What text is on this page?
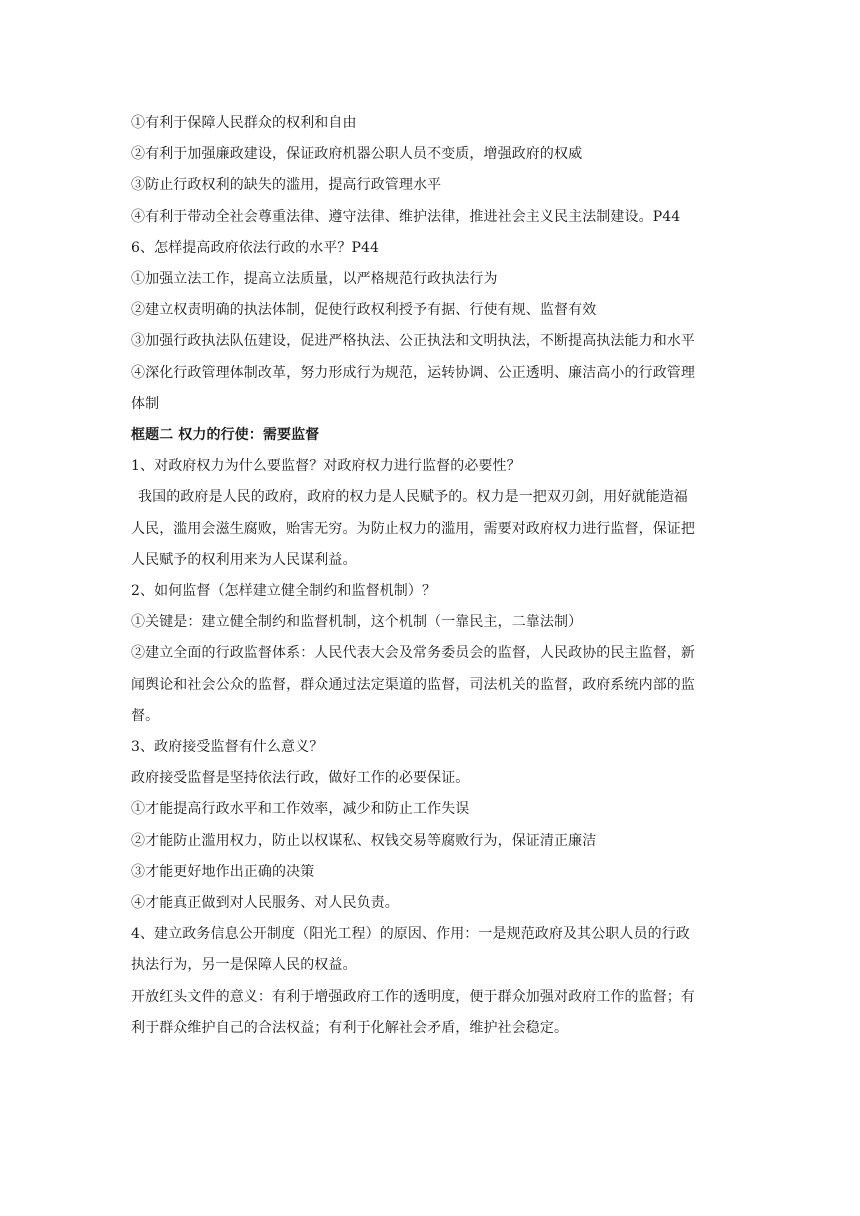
①有利于保障人民群众的权利和自由
②有利于加强廉政建设，保证政府机器公职人员不变质，增强政府的权威
③防止行政权利的缺失的滥用，提高行政管理水平
④有利于带动全社会尊重法律、遵守法律、维护法律，推进社会主义民主法制建设。P44
6、怎样提高政府依法行政的水平？P44
①加强立法工作，提高立法质量，以严格规范行政执法行为
②建立权责明确的执法体制，促使行政权利授予有据、行使有规、监督有效
③加强行政执法队伍建设，促进严格执法、公正执法和文明执法，不断提高执法能力和水平
④深化行政管理体制改革，努力形成行为规范，运转协调、公正透明、廉洁高小的行政管理
体制
框题二 权力的行使：需要监督
1、对政府权力为什么要监督？对政府权力进行监督的必要性？
我国的政府是人民的政府，政府的权力是人民赋予的。权力是一把双刃剑，用好就能造福
人民，滥用会滋生腐败，贻害无穷。为防止权力的滥用，需要对政府权力进行监督，保证把
人民赋予的权利用来为人民谋利益。
2、如何监督（怎样建立健全制约和监督机制）？
①关键是：建立健全制约和监督机制，这个机制（一靠民主，二靠法制）
②建立全面的行政监督体系：人民代表大会及常务委员会的监督，人民政协的民主监督，新
闻舆论和社会公众的监督，群众通过法定渠道的监督，司法机关的监督，政府系统内部的监
督。
3、政府接受监督有什么意义？
政府接受监督是坚持依法行政，做好工作的必要保证。
①才能提高行政水平和工作效率，减少和防止工作失误
②才能防止滥用权力，防止以权谋私、权钱交易等腐败行为，保证清正廉洁
③才能更好地作出正确的决策
④才能真正做到对人民服务、对人民负责。
4、建立政务信息公开制度（阳光工程）的原因、作用：一是规范政府及其公职人员的行政
执法行为，另一是保障人民的权益。
开放红头文件的意义：有利于增强政府工作的透明度，便于群众加强对政府工作的监督；有
利于群众维护自己的合法权益；有利于化解社会矛盾，维护社会稳定。
